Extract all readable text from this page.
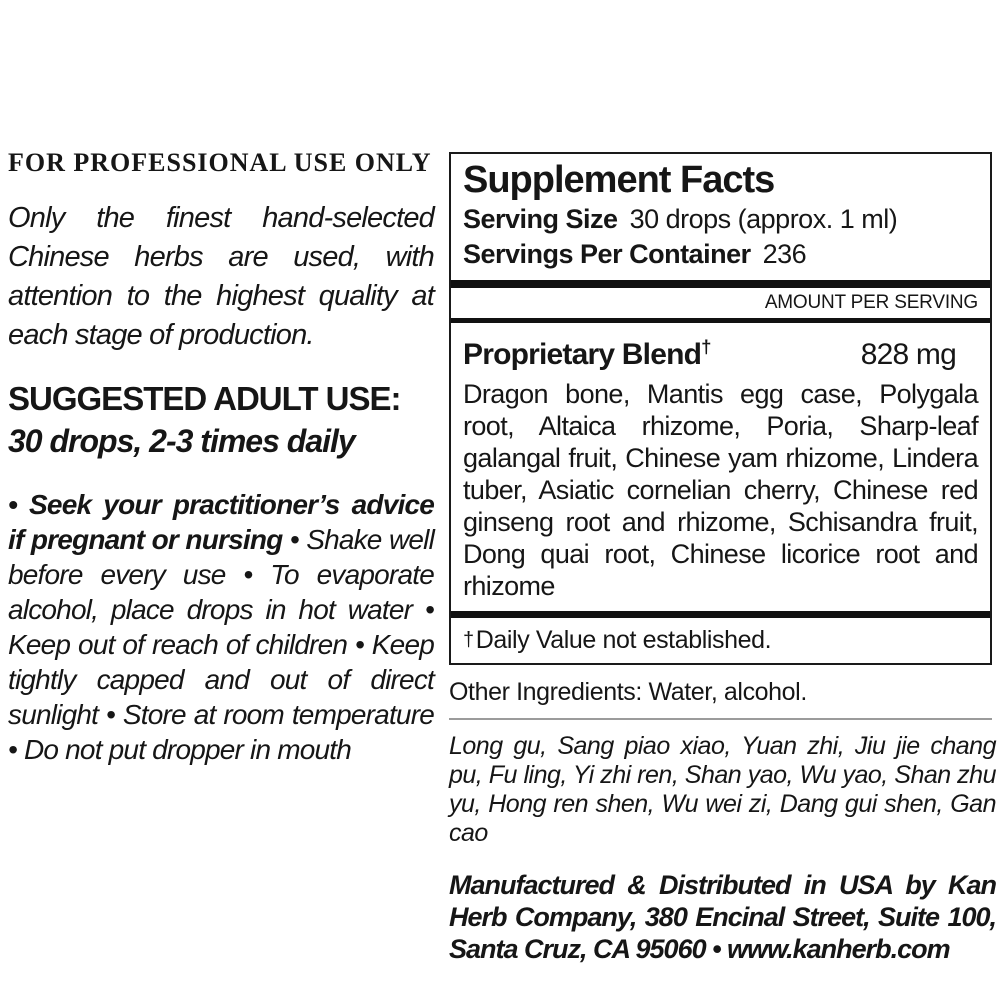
FOR PROFESSIONAL USE ONLY
Only the finest hand-selected Chinese herbs are used, with attention to the highest quality at each stage of production.
SUGGESTED ADULT USE:
30 drops, 2-3 times daily
• Seek your practitioner’s advice if pregnant or nursing • Shake well before every use • To evaporate alcohol, place drops in hot water • Keep out of reach of children • Keep tightly capped and out of direct sunlight • Store at room temperature • Do not put dropper in mouth
Supplement Facts
Serving Size 30 drops (approx. 1 ml)
Servings Per Container 236
AMOUNT PER SERVING
Proprietary Blend†	828 mg
Dragon bone, Mantis egg case, Polygala root, Altaica rhizome, Poria, Sharp-leaf galangal fruit, Chinese yam rhizome, Lindera tuber, Asiatic cornelian cherry, Chinese red ginseng root and rhizome, Schisandra fruit, Dong quai root, Chinese licorice root and rhizome
†Daily Value not established.
Other Ingredients: Water, alcohol.
Long gu, Sang piao xiao, Yuan zhi, Jiu jie chang pu, Fu ling, Yi zhi ren, Shan yao, Wu yao, Shan zhu yu, Hong ren shen, Wu wei zi, Dang gui shen, Gan cao
Manufactured & Distributed in USA by Kan Herb Company, 380 Encinal Street, Suite 100, Santa Cruz, CA 95060 • www.kanherb.com
